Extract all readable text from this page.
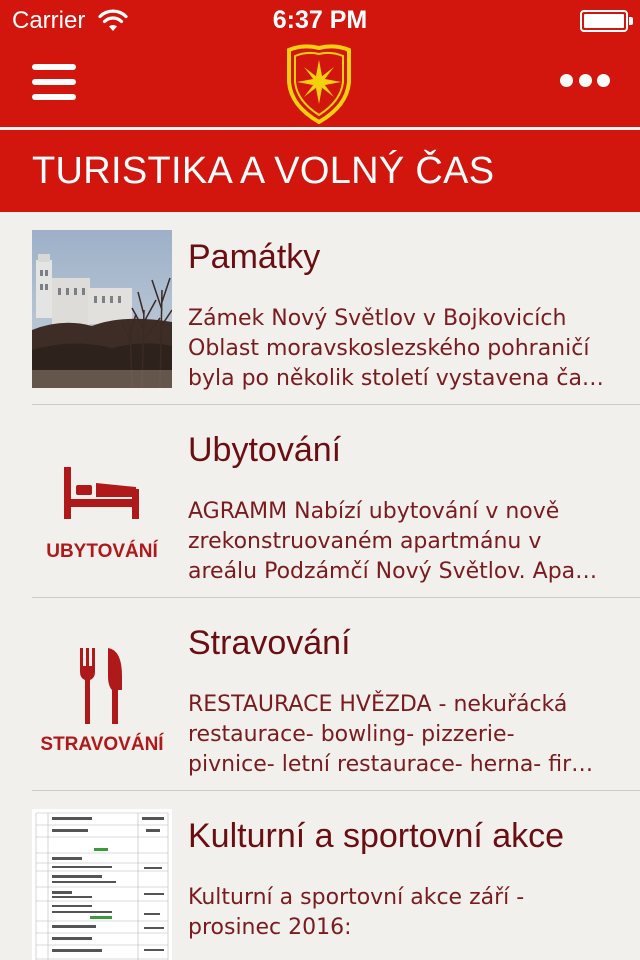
Carrier	6:37 PM
TURISTIKA A VOLNÝ ČAS
Památky
Zámek Nový Světlov v Bojkovicích
Oblast moravskoslezského pohraničí
byla po několik století vystavena ča…
UBYTOVÁNÍ
Ubytování
AGRAMM Nabízí ubytování v nově
zrekonstruovaném apartmánu v
areálu Podzámčí Nový Světlov. Apa…
STRAVOVÁNÍ
Stravování
RESTAURACE HVĚZDA - nekuřácká
restaurace- bowling- pizzerie-
pivnice- letní restaurace- herna- fir…
Kulturní a sportovní akce
Kulturní a sportovní akce září -
prosinec 2016:
